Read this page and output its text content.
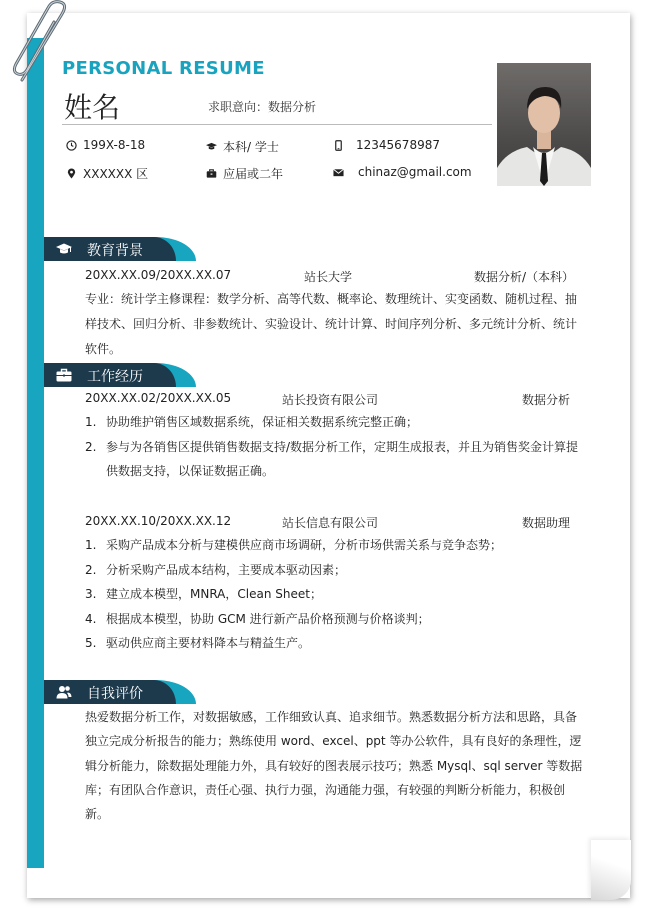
PERSONAL RESUME
姓名	求职意向：数据分析
199X-8-18	本科/ 学士	12345678987
XXXXXX 区	应届或二年	chinaz@gmail.com
教育背景
20XX.XX.09/20XX.XX.07	站长大学	数据分析/（本科）
专业：统计学主修课程：数学分析、高等代数、概率论、数理统计、实变函数、随机过程、抽样技术、回归分析、非参数统计、实验设计、统计计算、时间序列分析、多元统计分析、统计软件。
工作经历
20XX.XX.02/20XX.XX.05	站长投资有限公司	数据分析
1. 协助维护销售区域数据系统，保证相关数据系统完整正确；
2. 参与为各销售区提供销售数据支持/数据分析工作，定期生成报表，并且为销售奖金计算提供数据支持，以保证数据正确。
20XX.XX.10/20XX.XX.12	站长信息有限公司	数据助理
1. 采购产品成本分析与建模供应商市场调研，分析市场供需关系与竞争态势；
2. 分析采购产品成本结构，主要成本驱动因素；
3. 建立成本模型，MNRA，Clean Sheet；
4. 根据成本模型，协助 GCM 进行新产品价格预测与价格谈判；
5. 驱动供应商主要材料降本与精益生产。
自我评价
热爱数据分析工作，对数据敏感，工作细致认真、追求细节。熟悉数据分析方法和思路，具备独立完成分析报告的能力；熟练使用 word、excel、ppt 等办公软件，具有良好的条理性，逻辑分析能力，除数据处理能力外，具有较好的图表展示技巧；熟悉 Mysql、sql server 等数据库；有团队合作意识，责任心强、执行力强，沟通能力强，有较强的判断分析能力，积极创新。
